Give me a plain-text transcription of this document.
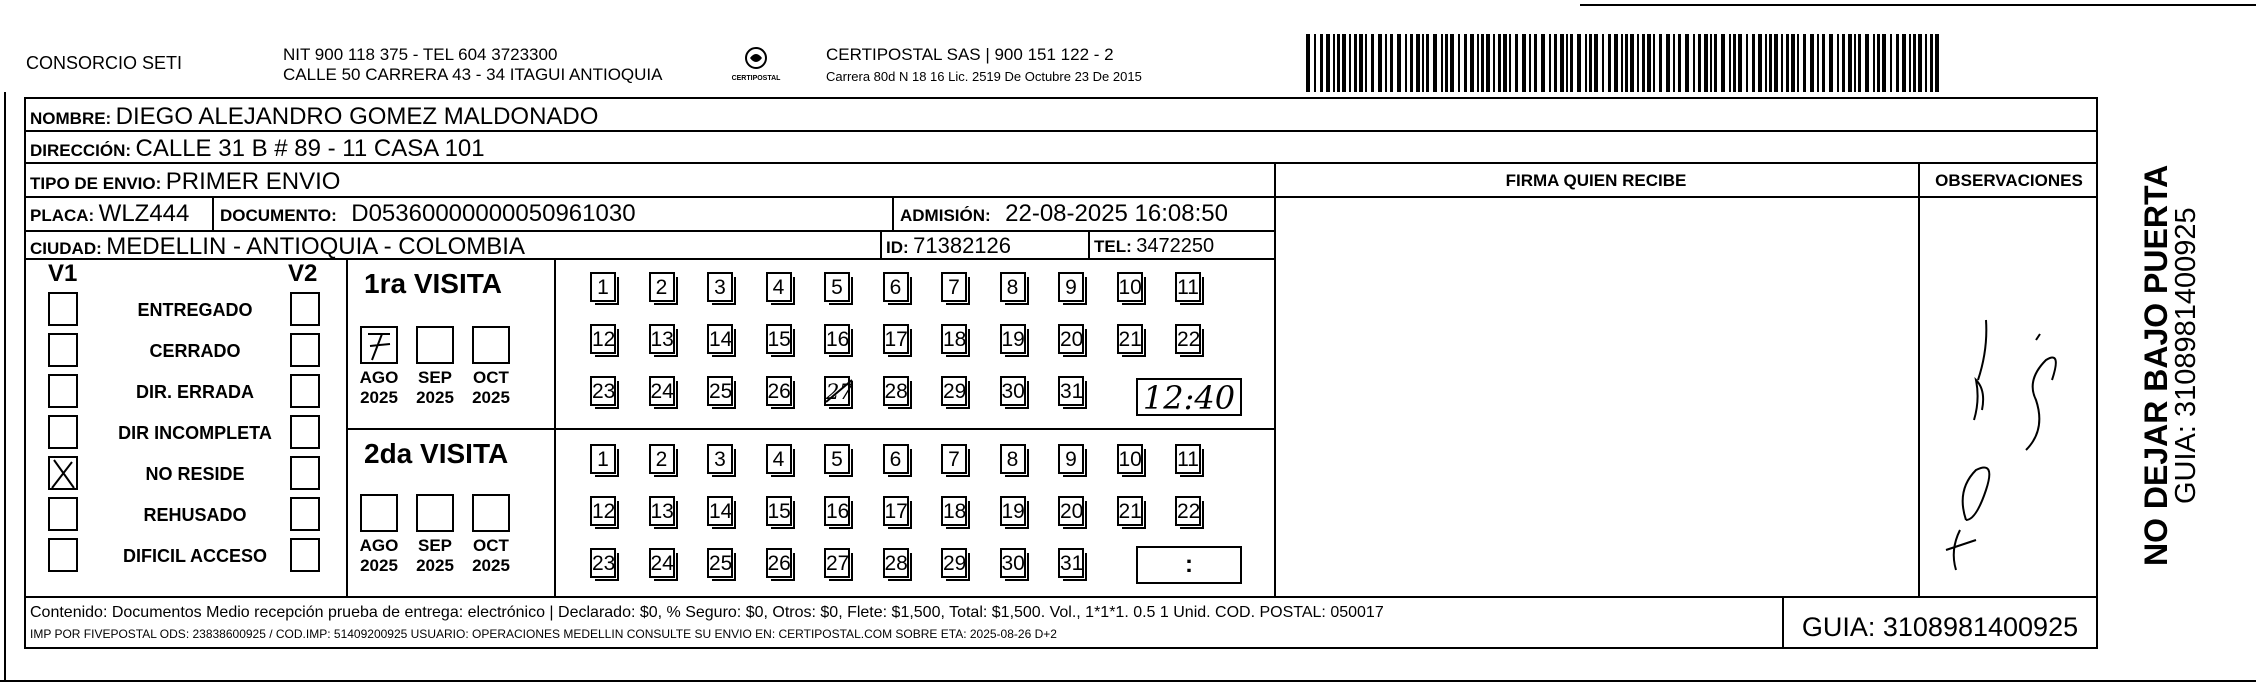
CONSORCIO SETI	NIT 900 118 375 - TEL 604 3723300
CALLE 50 CARRERA 43 - 34 ITAGUI ANTIOQUIA	CERTIPOSTAL
CERTIPOSTAL SAS | 900 151 122 - 2
Carrera 80d N 18 16 Lic. 2519 De Octubre 23 De 2015
NOMBRE: DIEGO ALEJANDRO GOMEZ MALDONADO
DIRECCIÓN: CALLE 31 B # 89 - 11 CASA 101
TIPO DE ENVIO: PRIMER ENVIO
PLACA: WLZ444 DOCUMENTO: D05360000000050961030	ADMISIÓN: 22-08-2025 16:08:50
CIUDAD: MEDELLIN - ANTIOQUIA - COLOMBIA	ID: 71382126	TEL: 3472250
FIRMA QUIEN RECIBE	OBSERVACIONES
V1	V2
ENTREGADO
CERRADO
DIR. ERRADA
DIR INCOMPLETA
NO RESIDE
REHUSADO
DIFICIL ACCESO
1ra VISITA
2da VISITA
AGO
2025
SEP
2025
OCT
2025
AGO
2025
SEP
2025
OCT
2025
1	2	3	4	5	6	7	8	9	10 11
12 13 14 15 16 17 18 19 20 21 22
23 24 25 26 27 28 29 30 31
1	2	3	4	5	6	7	8	9	10 11
12 13 14 15 16 17 18 19 20 21 22
23 24 25 26 27 28 29 30 31
12:40
:
Contenido: Documentos Medio recepción prueba de entrega: electrónico | Declarado: $0, % Seguro: $0, Otros: $0, Flete: $1,500, Total: $1,500. Vol., 1*1*1. 0.5 1 Unid. COD. POSTAL: 050017
IMP POR FIVEPOSTAL ODS: 23838600925 / COD.IMP: 51409200925 USUARIO: OPERACIONES MEDELLIN CONSULTE SU ENVIO EN: CERTIPOSTAL.COM SOBRE ETA: 2025-08-26 D+2	GUIA: 3108981400925
NO DEJAR BAJO PUERTA
GUIA: 3108981400925
